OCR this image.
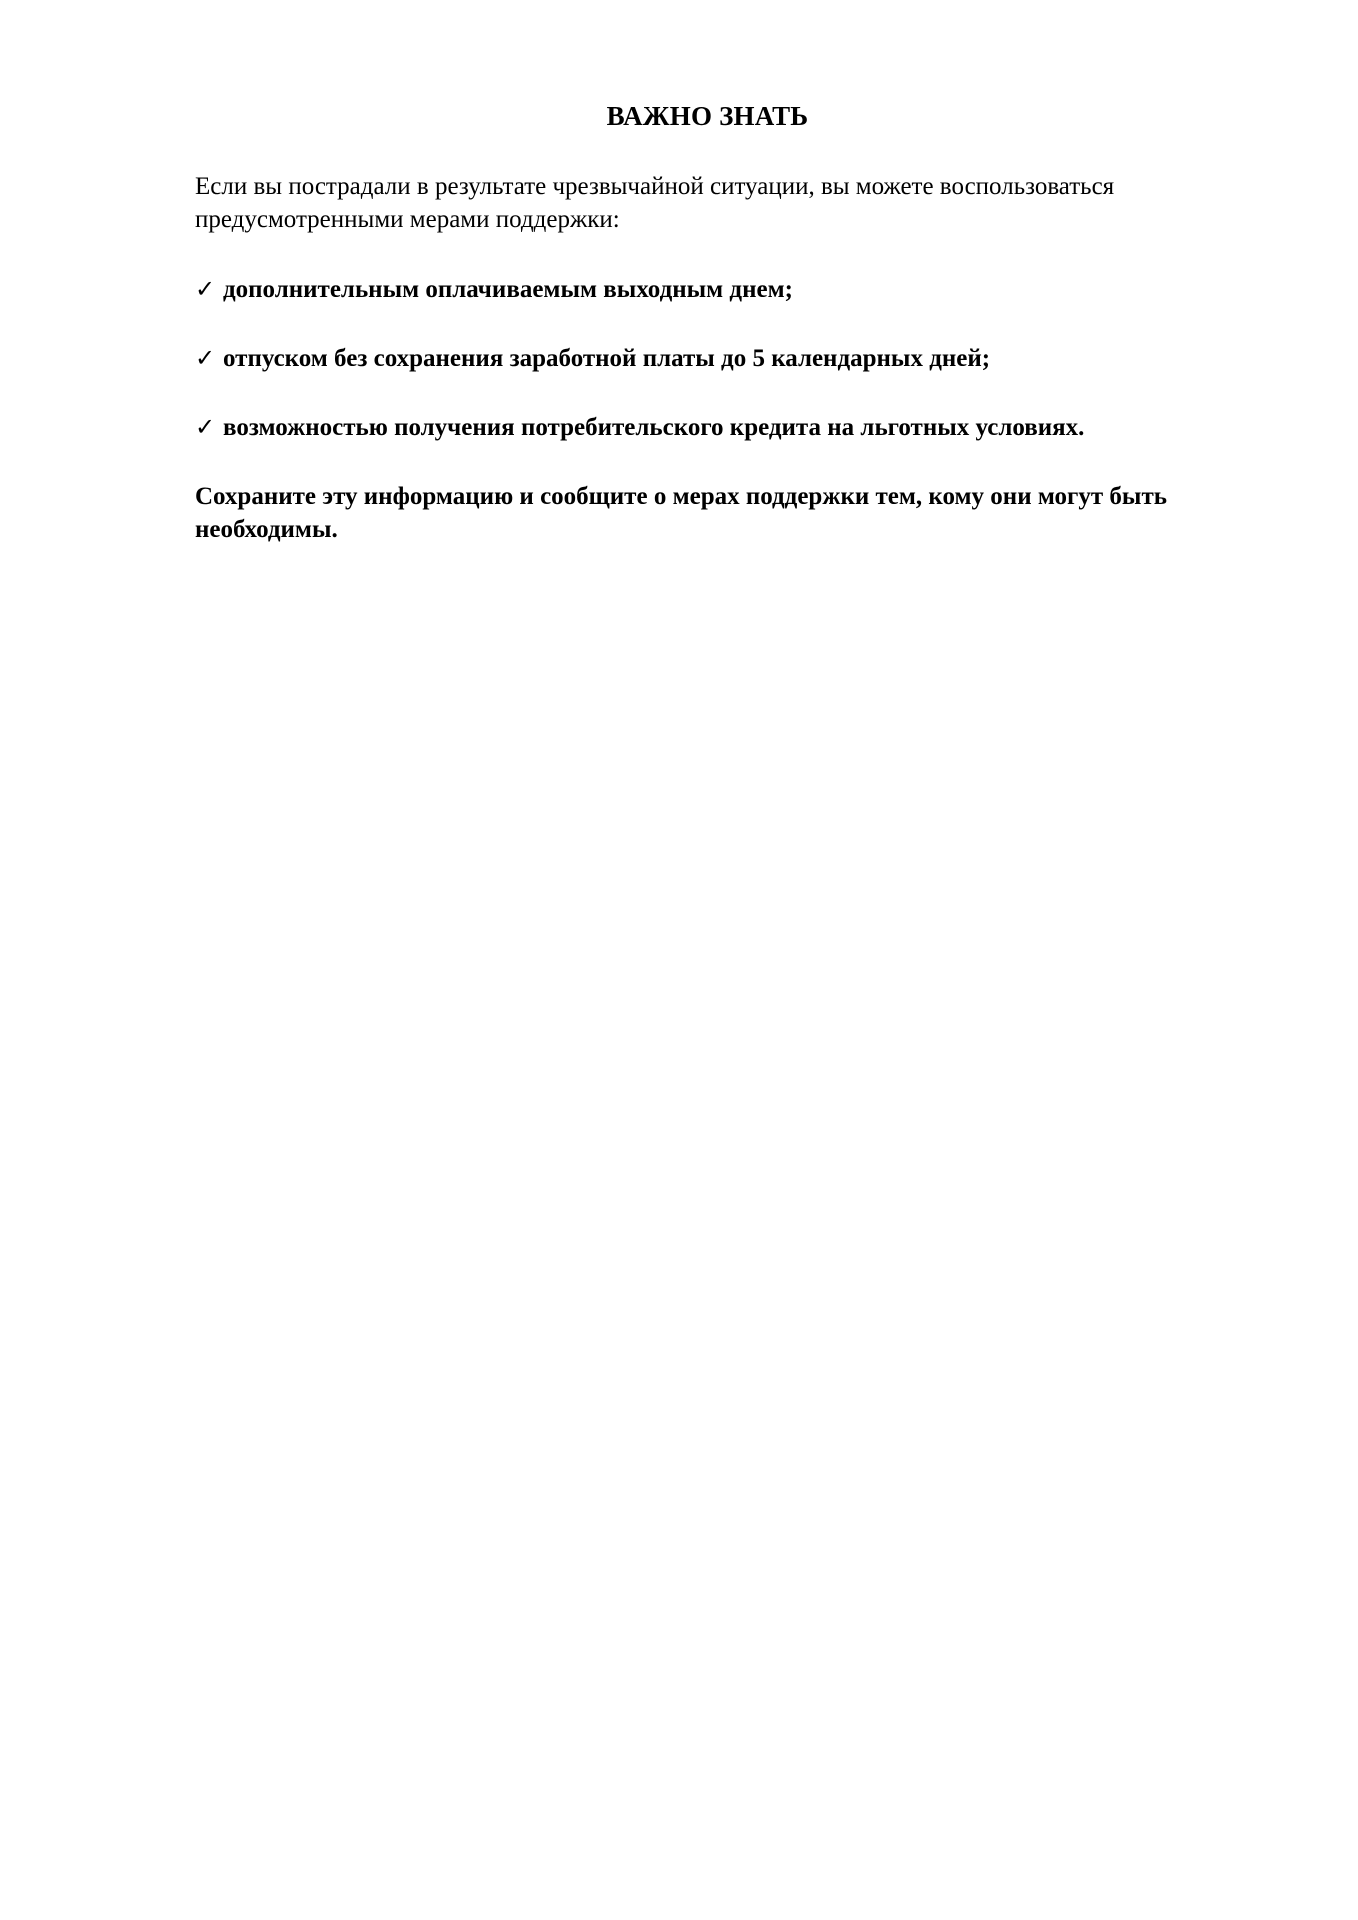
ВАЖНО ЗНАТЬ

Если вы пострадали в результате чрезвычайной ситуации, вы можете воспользоваться предусмотренными мерами поддержки:

✓ дополнительным оплачиваемым выходным днем;
✓ отпуском без сохранения заработной платы до 5 календарных дней;
✓ возможностью получения потребительского кредита на льготных условиях.

Сохраните эту информацию и сообщите о мерах поддержки тем, кому они могут быть необходимы.
